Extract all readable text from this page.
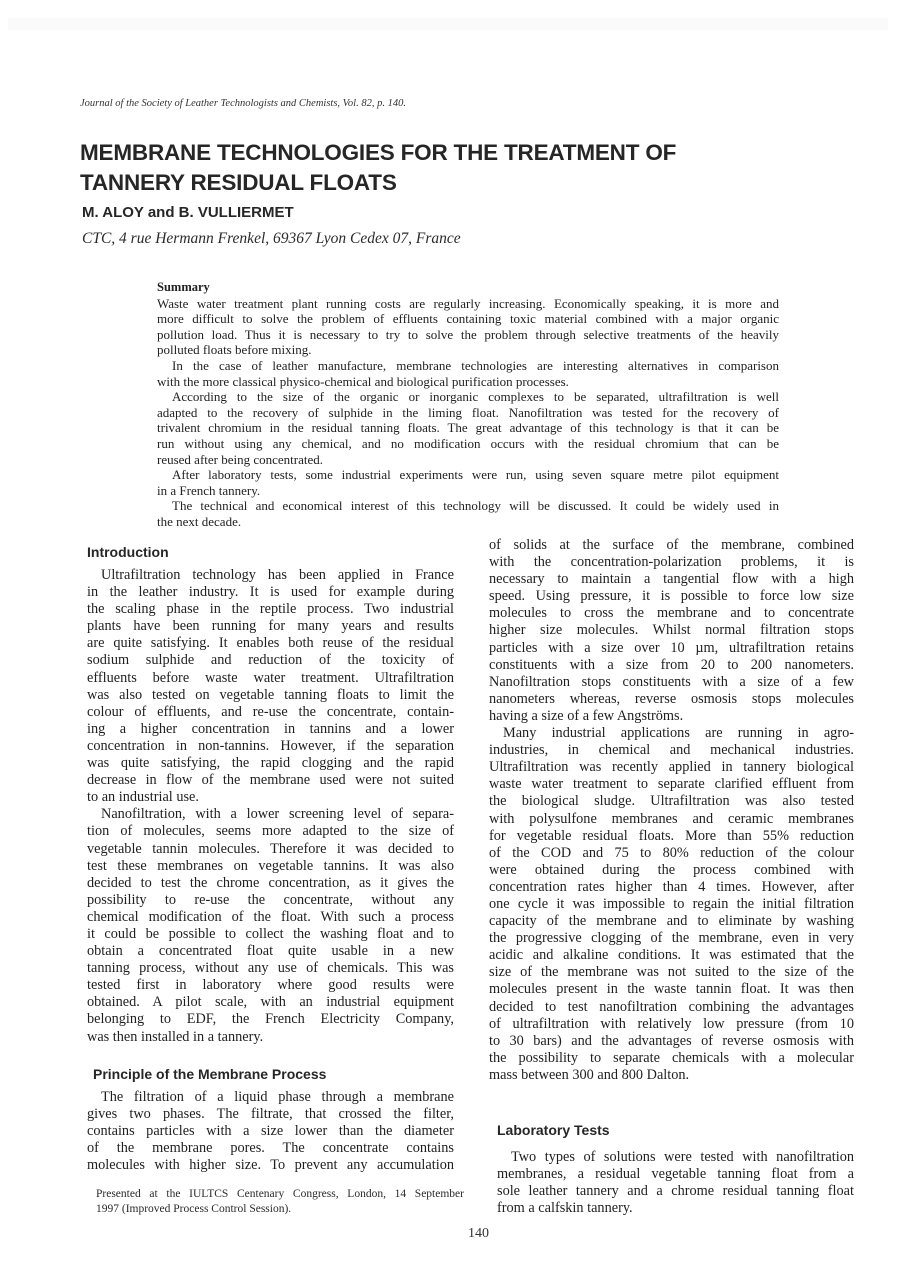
Journal of the Society of Leather Technologists and Chemists, Vol. 82, p. 140.
MEMBRANE TECHNOLOGIES FOR THE TREATMENT OF
TANNERY RESIDUAL FLOATS
M. ALOY and B. VULLIERMET
CTC, 4 rue Hermann Frenkel, 69367 Lyon Cedex 07, France
Summary
Waste water treatment plant running costs are regularly increasing. Economically speaking, it is more and
more difficult to solve the problem of effluents containing toxic material combined with a major organic
pollution load. Thus it is necessary to try to solve the problem through selective treatments of the heavily
polluted floats before mixing.
In the case of leather manufacture, membrane technologies are interesting alternatives in comparison
with the more classical physico-chemical and biological purification processes.
According to the size of the organic or inorganic complexes to be separated, ultrafiltration is well
adapted to the recovery of sulphide in the liming float. Nanofiltration was tested for the recovery of
trivalent chromium in the residual tanning floats. The great advantage of this technology is that it can be
run without using any chemical, and no modification occurs with the residual chromium that can be
reused after being concentrated.
After laboratory tests, some industrial experiments were run, using seven square metre pilot equipment
in a French tannery.
The technical and economical interest of this technology will be discussed. It could be widely used in
the next decade.
Introduction
Ultrafiltration technology has been applied in France
in the leather industry. It is used for example during
the scaling phase in the reptile process. Two industrial
plants have been running for many years and results
are quite satisfying. It enables both reuse of the residual
sodium sulphide and reduction of the toxicity of
effluents before waste water treatment. Ultrafiltration
was also tested on vegetable tanning floats to limit the
colour of effluents, and re-use the concentrate, contain-
ing a higher concentration in tannins and a lower
concentration in non-tannins. However, if the separation
was quite satisfying, the rapid clogging and the rapid
decrease in flow of the membrane used were not suited
to an industrial use.
Nanofiltration, with a lower screening level of separa-
tion of molecules, seems more adapted to the size of
vegetable tannin molecules. Therefore it was decided to
test these membranes on vegetable tannins. It was also
decided to test the chrome concentration, as it gives the
possibility to re-use the concentrate, without any
chemical modification of the float. With such a process
it could be possible to collect the washing float and to
obtain a concentrated float quite usable in a new
tanning process, without any use of chemicals. This was
tested first in laboratory where good results were
obtained. A pilot scale, with an industrial equipment
belonging to EDF, the French Electricity Company,
was then installed in a tannery.
Principle of the Membrane Process
The filtration of a liquid phase through a membrane
gives two phases. The filtrate, that crossed the filter,
contains particles with a size lower than the diameter
of the membrane pores. The concentrate contains
molecules with higher size. To prevent any accumulation
of solids at the surface of the membrane, combined
with the concentration-polarization problems, it is
necessary to maintain a tangential flow with a high
speed. Using pressure, it is possible to force low size
molecules to cross the membrane and to concentrate
higher size molecules. Whilst normal filtration stops
particles with a size over 10 µm, ultrafiltration retains
constituents with a size from 20 to 200 nanometers.
Nanofiltration stops constituents with a size of a few
nanometers whereas, reverse osmosis stops molecules
having a size of a few Angströms.
Many industrial applications are running in agro-
industries, in chemical and mechanical industries.
Ultrafiltration was recently applied in tannery biological
waste water treatment to separate clarified effluent from
the biological sludge. Ultrafiltration was also tested
with polysulfone membranes and ceramic membranes
for vegetable residual floats. More than 55% reduction
of the COD and 75 to 80% reduction of the colour
were obtained during the process combined with
concentration rates higher than 4 times. However, after
one cycle it was impossible to regain the initial filtration
capacity of the membrane and to eliminate by washing
the progressive clogging of the membrane, even in very
acidic and alkaline conditions. It was estimated that the
size of the membrane was not suited to the size of the
molecules present in the waste tannin float. It was then
decided to test nanofiltration combining the advantages
of ultrafiltration with relatively low pressure (from 10
to 30 bars) and the advantages of reverse osmosis with
the possibility to separate chemicals with a molecular
mass between 300 and 800 Dalton.
Laboratory Tests
Two types of solutions were tested with nanofiltration
membranes, a residual vegetable tanning float from a
sole leather tannery and a chrome residual tanning float
from a calfskin tannery.
Presented at the IULTCS Centenary Congress, London, 14 September
1997 (Improved Process Control Session).
140
